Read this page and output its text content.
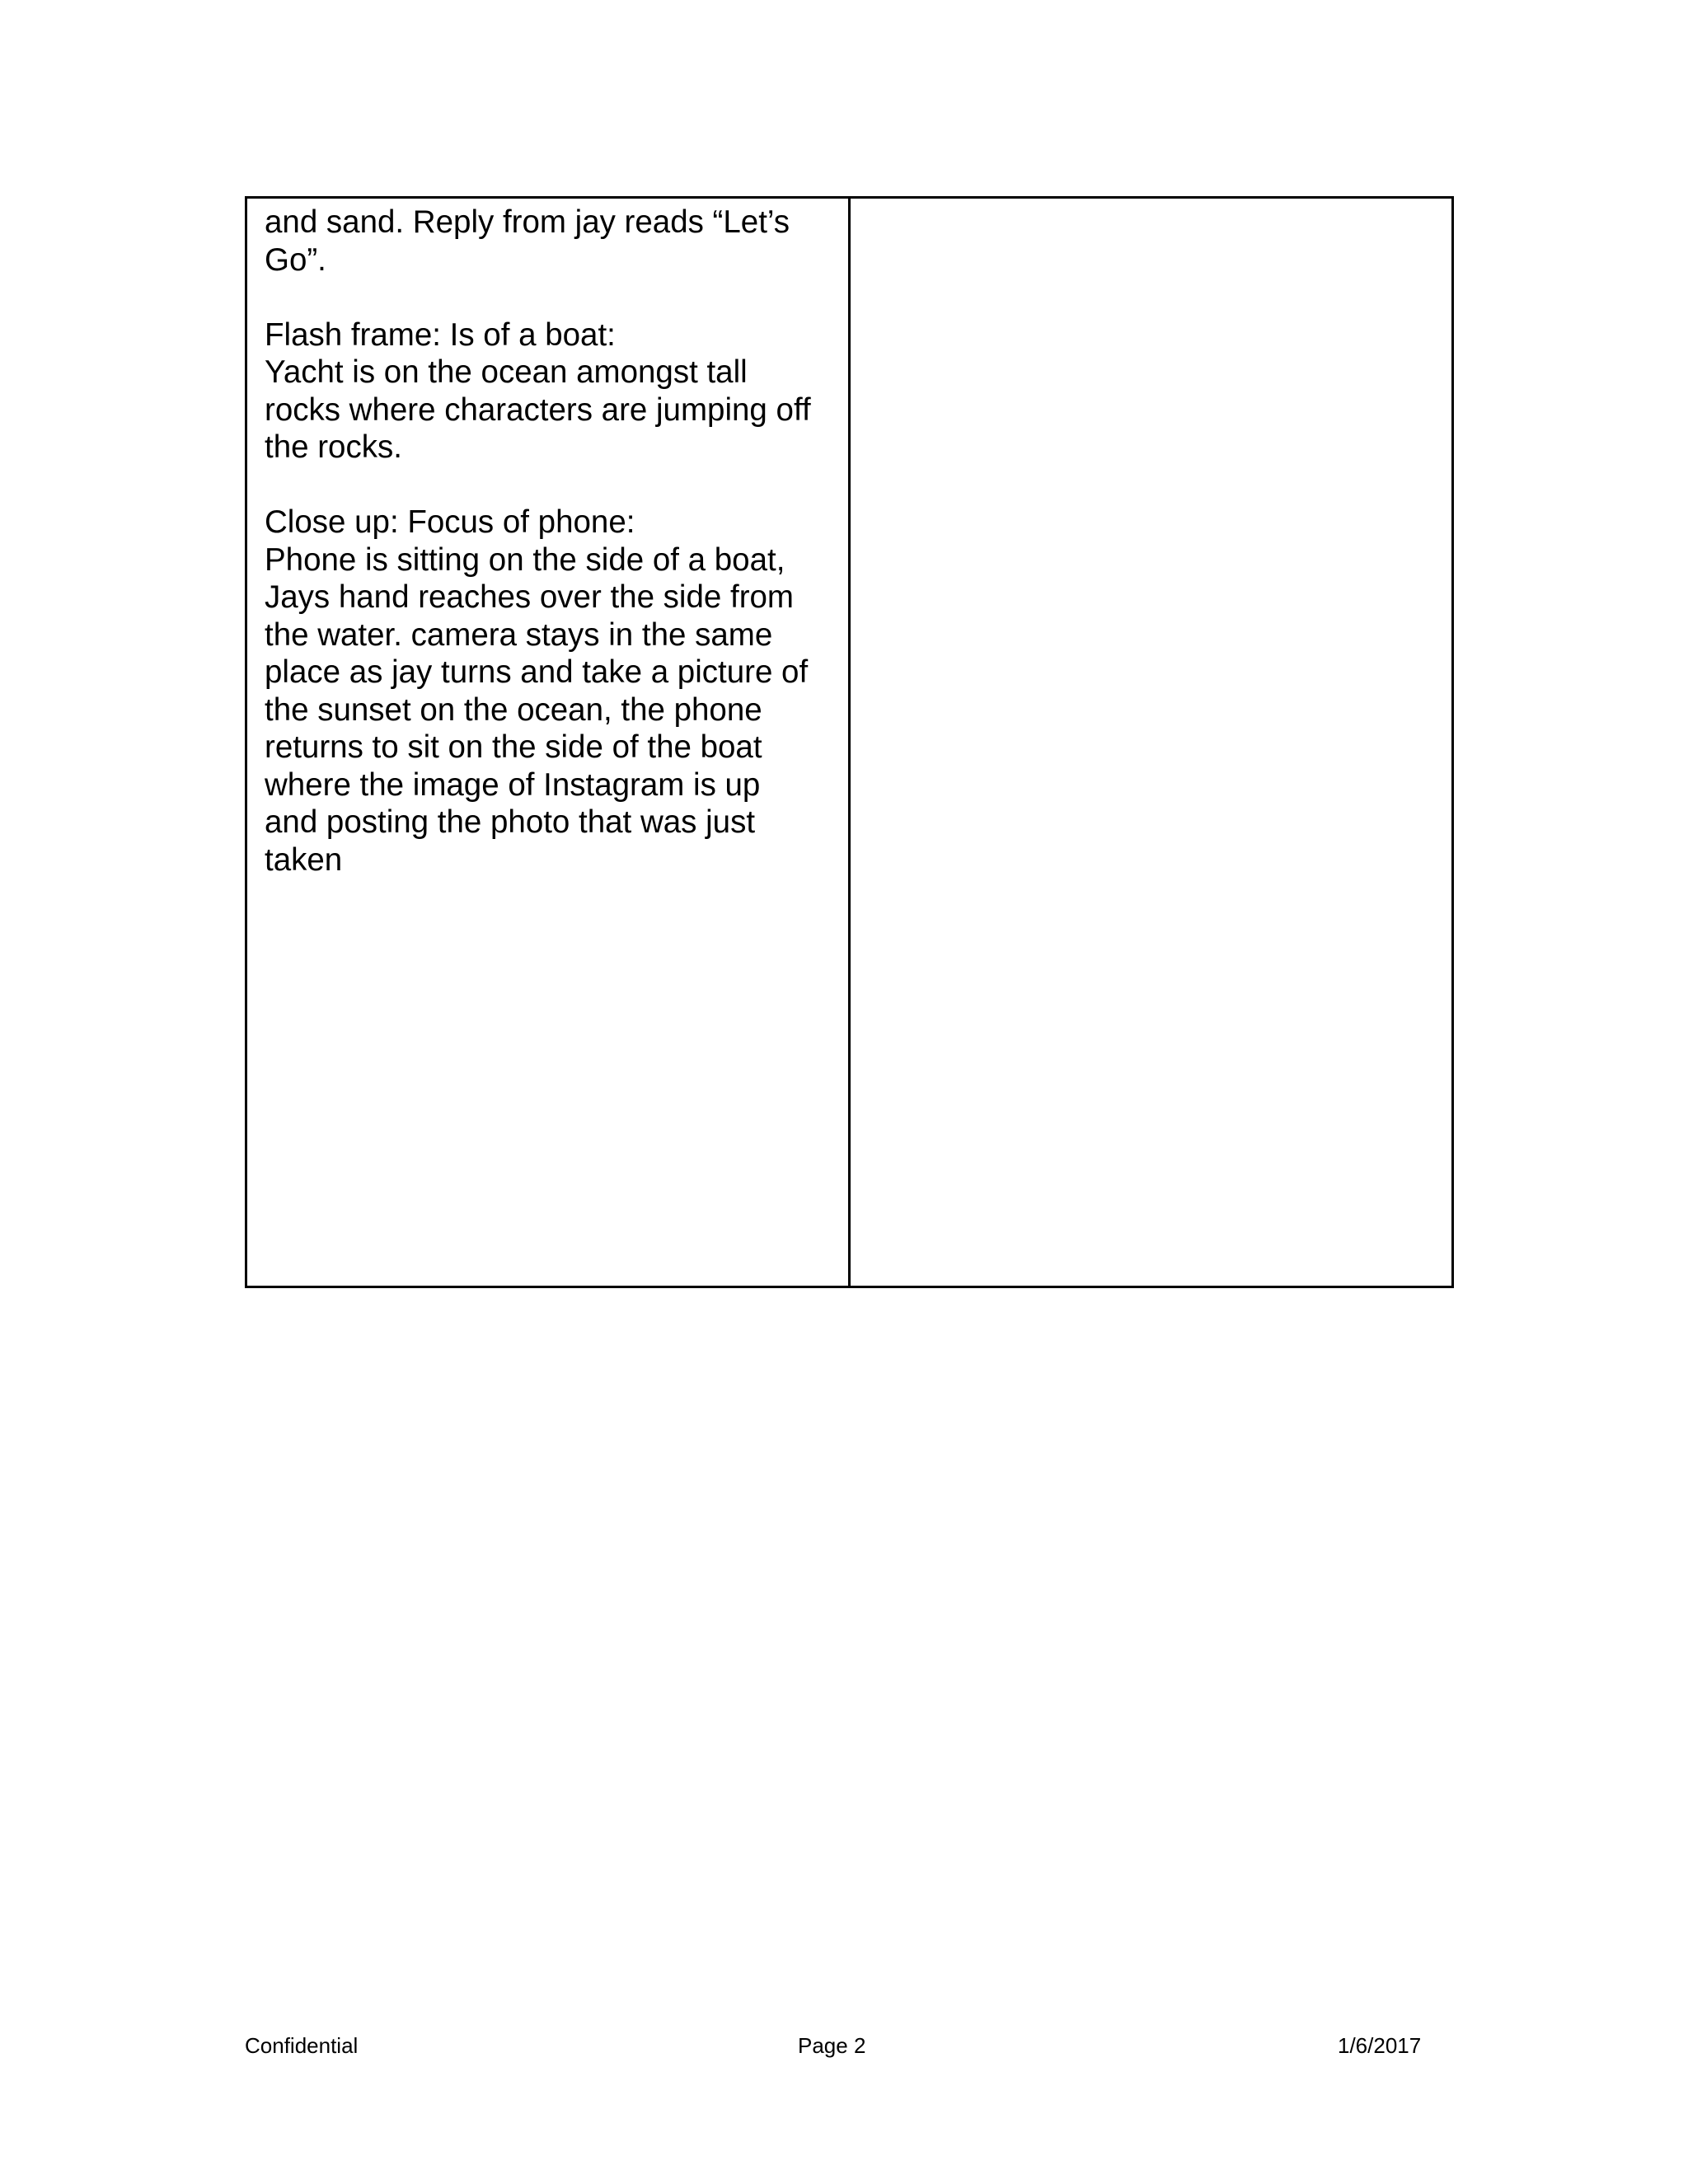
and sand. Reply from jay reads “Let’s
Go”.

Flash frame: Is of a boat:
Yacht is on the ocean amongst tall
rocks where characters are jumping off
the rocks.

Close up: Focus of phone:
Phone is sitting on the side of a boat,
Jays hand reaches over the side from
the water. camera stays in the same
place as jay turns and take a picture of
the sunset on the ocean, the phone
returns to sit on the side of the boat
where the image of Instagram is up
and posting the photo that was just
taken

Confidential	Page 2	1/6/2017
